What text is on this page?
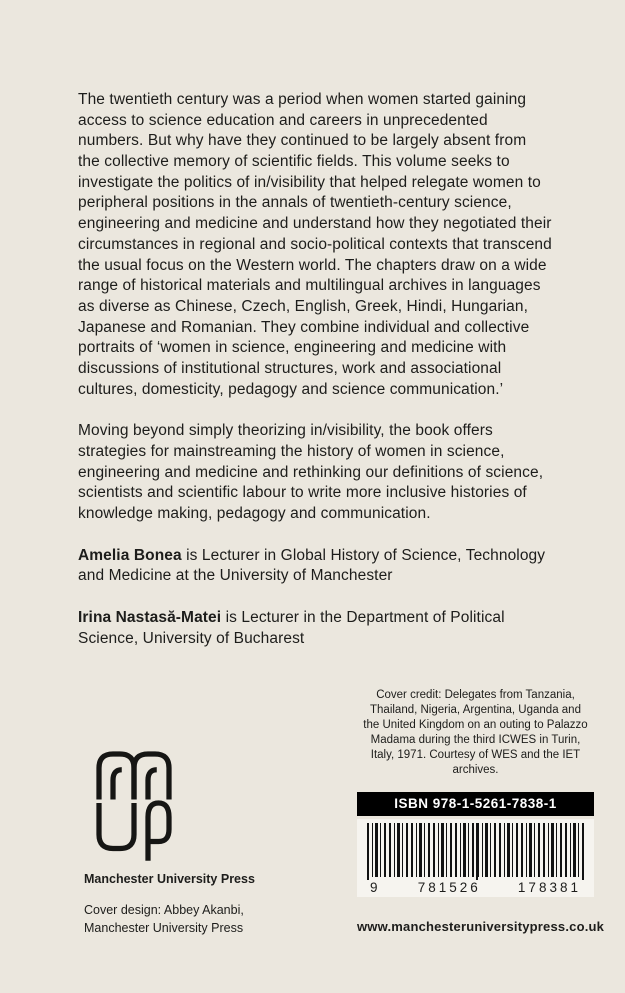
The twentieth century was a period when women started gaining access to science education and careers in unprecedented numbers. But why have they continued to be largely absent from the collective memory of scientific fields. This volume seeks to investigate the politics of in/visibility that helped relegate women to peripheral positions in the annals of twentieth-century science, engineering and medicine and understand how they negotiated their circumstances in regional and socio-political contexts that transcend the usual focus on the Western world. The chapters draw on a wide range of historical materials and multilingual archives in languages as diverse as Chinese, Czech, English, Greek, Hindi, Hungarian, Japanese and Romanian. They combine individual and collective portraits of ‘women in science, engineering and medicine with discussions of institutional structures, work and associational cultures, domesticity, pedagogy and science communication.’

Moving beyond simply theorizing in/visibility, the book offers strategies for mainstreaming the history of women in science, engineering and medicine and rethinking our definitions of science, scientists and scientific labour to write more inclusive histories of knowledge making, pedagogy and communication.

Amelia Bonea is Lecturer in Global History of Science, Technology and Medicine at the University of Manchester

Irina Nastasă-Matei is Lecturer in the Department of Political Science, University of Bucharest

Manchester University Press
Cover design: Abbey Akanbi,
Manchester University Press

Cover credit: Delegates from Tanzania, Thailand, Nigeria, Argentina, Uganda and the United Kingdom on an outing to Palazzo Madama during the third ICWES in Turin, Italy, 1971. Courtesy of WES and the IET archives.

ISBN 978-1-5261-7838-1
9	781526	178381
www.manchesteruniversitypress.co.uk
